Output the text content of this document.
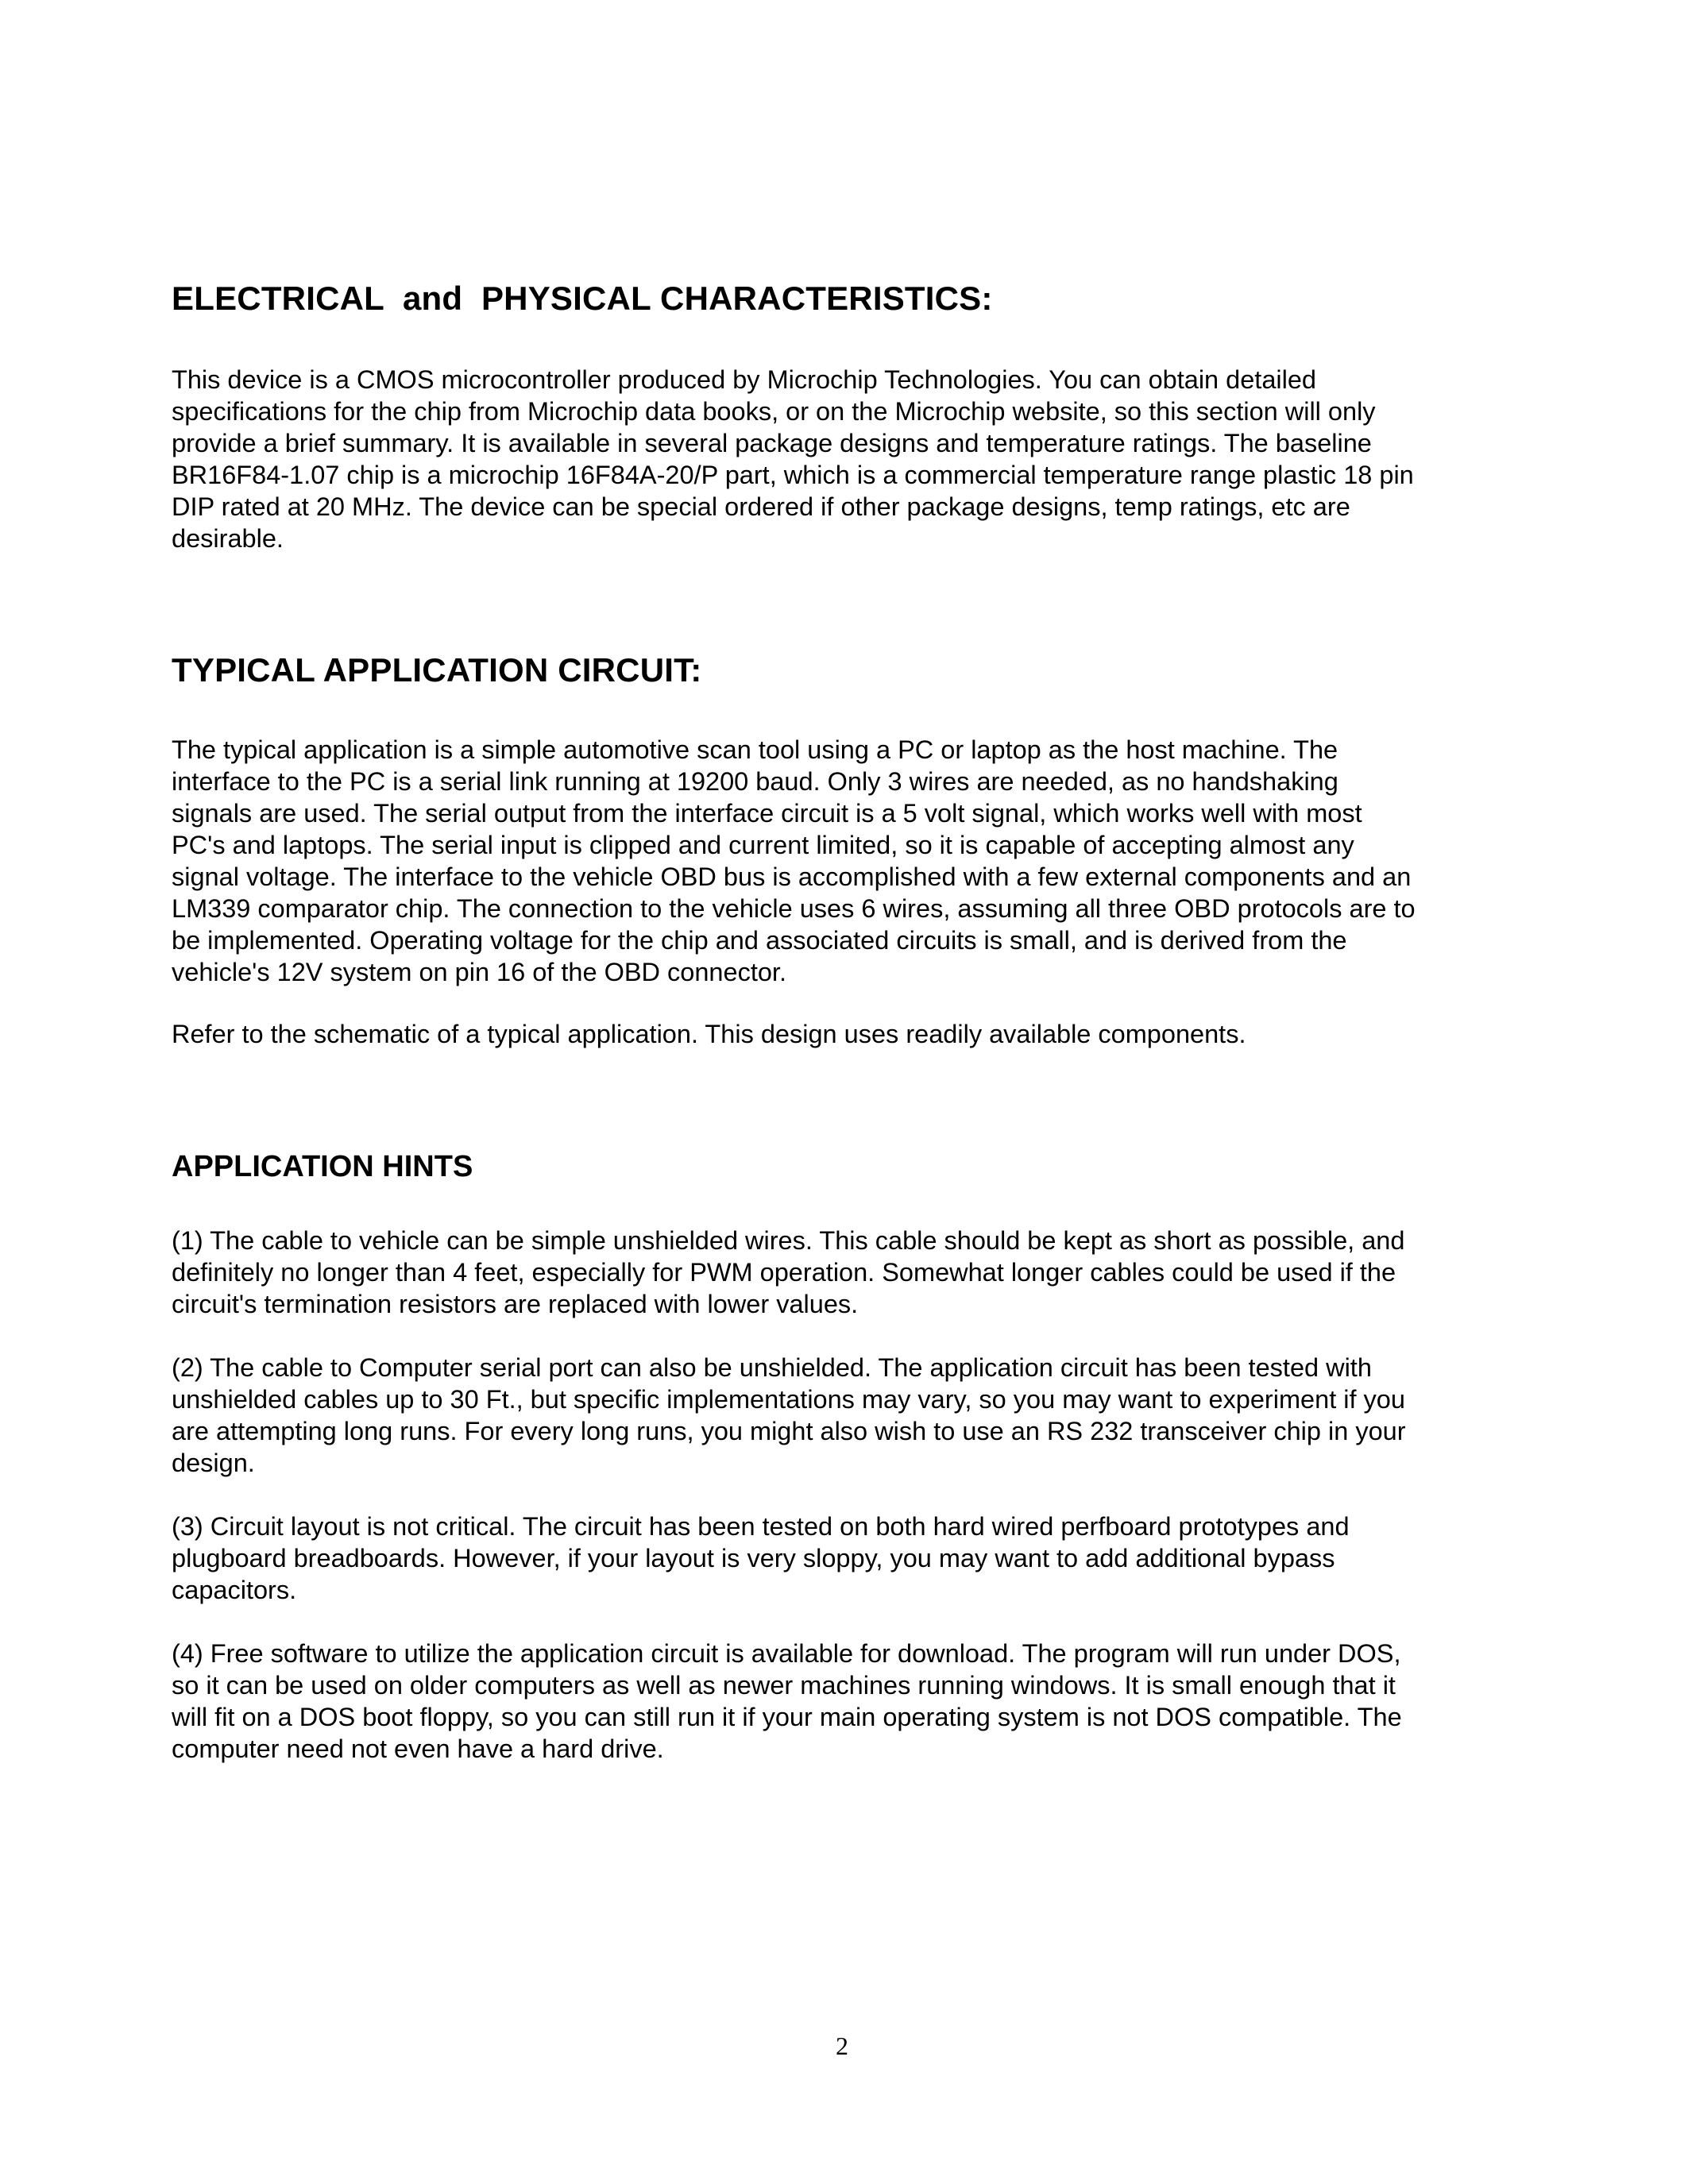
ELECTRICAL  and  PHYSICAL CHARACTERISTICS:
This device is a CMOS microcontroller produced by Microchip Technologies. You can obtain detailed
specifications for the chip from Microchip data books, or on the Microchip website, so this section will only
provide a brief summary. It is available in several package designs and temperature ratings. The baseline
BR16F84-1.07 chip is a microchip 16F84A-20/P part, which is a commercial temperature range plastic 18 pin
DIP rated at 20 MHz. The device can be special ordered if other package designs, temp ratings, etc are
desirable.
TYPICAL APPLICATION CIRCUIT:
The typical application is a simple automotive scan tool using a PC or laptop as the host machine. The
interface to the PC is a serial link running at 19200 baud. Only 3 wires are needed, as no handshaking
signals are used. The serial output from the interface circuit is a 5 volt signal, which works well with most
PC's and laptops. The serial input is clipped and current limited, so it is capable of accepting almost any
signal voltage. The interface to the vehicle OBD bus is accomplished with a few external components and an
LM339 comparator chip. The connection to the vehicle uses 6 wires, assuming all three OBD protocols are to
be implemented. Operating voltage for the chip and associated circuits is small, and is derived from the
vehicle's 12V system on pin 16 of the OBD connector.
Refer to the schematic of a typical application. This design uses readily available components.
APPLICATION HINTS
(1) The cable to vehicle can be simple unshielded wires. This cable should be kept as short as possible, and
definitely no longer than 4 feet, especially for PWM operation. Somewhat longer cables could be used if the
circuit's termination resistors are replaced with lower values.
(2) The cable to Computer serial port can also be unshielded. The application circuit has been tested with
unshielded cables up to 30 Ft., but specific implementations may vary, so you may want to experiment if you
are attempting long runs. For every long runs, you might also wish to use an RS 232 transceiver chip in your
design.
(3) Circuit layout is not critical. The circuit has been tested on both hard wired perfboard prototypes and
plugboard breadboards. However, if your layout is very sloppy, you may want to add additional bypass
capacitors.
(4) Free software to utilize the application circuit is available for download. The program will run under DOS,
so it can be used on older computers as well as newer machines running windows. It is small enough that it
will fit on a DOS boot floppy, so you can still run it if your main operating system is not DOS compatible. The
computer need not even have a hard drive.
2
